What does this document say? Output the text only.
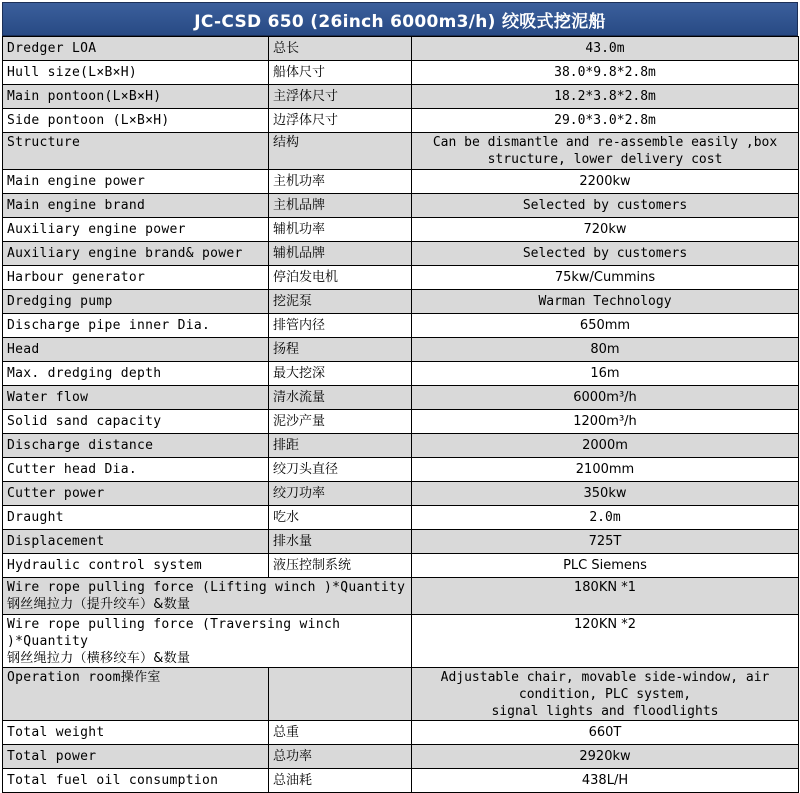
JC-CSD 650 (26inch 6000m3/h) 绞吸式挖泥船
Dredger LOA	总长	43.0m
Hull size(L×B×H)	船体尺寸	38.0*9.8*2.8m
Main pontoon(L×B×H)	主浮体尺寸	18.2*3.8*2.8m
Side pontoon (L×B×H)	边浮体尺寸	29.0*3.0*2.8m
Structure	结构	Can be dismantle and re-assemble easily ,box
structure, lower delivery cost

Main engine power	主机功率	2200kw
Main engine brand	主机品牌	Selected by customers
Auxiliary engine power	辅机功率	720kw
Auxiliary engine brand& power	辅机品牌	Selected by customers
Harbour generator	停泊发电机	75kw/Cummins
Dredging pump	挖泥泵	Warman Technology
Discharge pipe inner Dia.	排管内径	650mm
Head	扬程	80m
Max. dredging depth	最大挖深	16m
Water flow	清水流量	6000m³/h
Solid sand capacity	泥沙产量	1200m³/h
Discharge distance	排距	2000m
Cutter head Dia.	绞刀头直径	2100mm
Cutter power	绞刀功率	350kw
Draught	吃水	2.0m
Displacement	排水量	725T
Hydraulic control system	液压控制系统	PLC Siemens

Wire rope pulling force (Lifting winch )*Quantity
钢丝绳拉力（提升绞车）&数量		180KN *1

Wire rope pulling force (Traversing winch )*Quantity
钢丝绳拉力（横移绞车）&数量		120KN *2
Operation room操作室		Adjustable chair, movable side-window, air condition, PLC system,
signal lights and floodlights

Total weight	总重	660T
Total power	总功率	2920kw
Total fuel oil consumption	总油耗	438L/H
